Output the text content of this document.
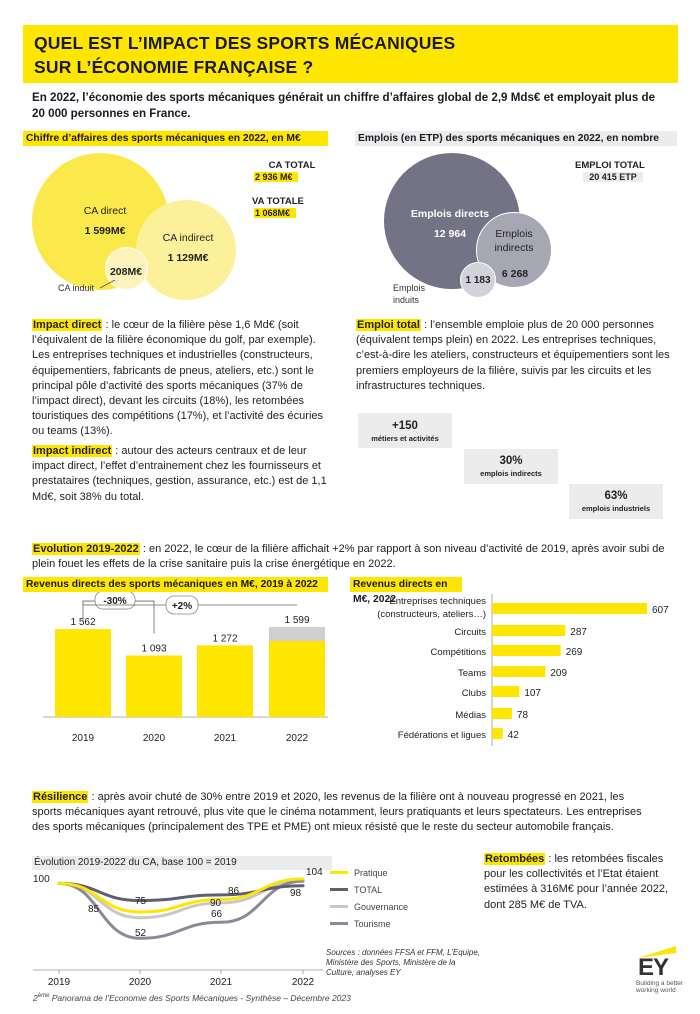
QUEL EST L’IMPACT DES SPORTS MÉCANIQUES
SUR L’ÉCONOMIE FRANÇAISE ?
En 2022, l’économie des sports mécaniques générait un chiffre d’affaires global de 2,9 Mds€ et employait plus de 20 000 personnes en France.
Chiffre d’affaires des sports mécaniques en 2022, en M€
CA direct
1 599M€
CA indirect
1 129M€
208M€
CA induit
CA TOTAL
2 936 M€
VA TOTALE
1 068M€
Emplois (en ETP) des sports mécaniques en 2022, en nombre
EMPLOI TOTAL
20 415 ETP
Emplois directs
12 964	Emplois
indirects
6 268
1 183
Emplois
induits
Impact direct : le cœur de la filière pèse 1,6 Md€ (soit l’équivalent de la filière économique du golf, par exemple). Les entreprises techniques et industrielles (constructeurs, équipementiers, fabricants de pneus, ateliers, etc.) sont le principal pôle d’activité des sports mécaniques (37% de l’impact direct), devant les circuits (18%), les retombées touristiques des compétitions (17%), et l’activité des écuries ou teams (13%).
Impact indirect : autour des acteurs centraux et de leur impact direct, l’effet d’entrainement chez les fournisseurs et prestataires (techniques, gestion, assurance, etc.) est de 1,1 Md€, soit 38% du total.
Emploi total : l’ensemble emploie plus de 20 000 personnes (équivalent temps plein) en 2022. Les entreprises techniques, c’est-à-dire les ateliers, constructeurs et équipementiers sont les premiers employeurs de la filière, suivis par les circuits et les infrastructures techniques.
+150
métiers et activités
30%
emplois indirects
63%
emplois industriels
Evolution 2019-2022 : en 2022, le cœur de la filière affichait +2% par rapport à son niveau d’activité de 2019, après avoir subi de plein fouet les effets de la crise sanitaire puis la crise énergétique en 2022.
Revenus directs des sports mécaniques en M€, 2019 à 2022
1 562
2019
1 093
2020
1 272
2021
1 599
2022
-30%	+2%
Revenus directs en M€, 2022
607
Entreprises techniques
(constructeurs, ateliers…)
287
Circuits
269
Compétitions
209
Teams
107
Clubs
78
Médias
42
Fédérations et ligues
Résilience : après avoir chuté de 30% entre 2019 et 2020, les revenus de la filière ont à nouveau progressé en 2021, les sports mécaniques ayant retrouvé, plus vite que le cinéma notamment, leurs pratiquants et leurs spectateurs. Les entreprises des sports mécaniques (principalement des TPE et PME) ont mieux résisté que le reste du secteur automobile français.
Évolution 2019-2022 du CA, base 100 = 2019
2019	2020	2021	2022
100
75
86
104
85
90
98
52
66
Pratique
TOTAL
Gouvernance
Tourisme
Retombées : les retombées fiscales pour les collectivités et l’Etat étaient estimées à 316M€ pour l’année 2022, dont 285 M€ de TVA.
Sources : données FFSA et FFM, L’Equipe,
Ministère des Sports, Ministère de la
Culture, analyses EY	EY
Building a better
working world
2ème Panorama de l’Economie des Sports Mécaniques - Synthèse – Décembre 2023
